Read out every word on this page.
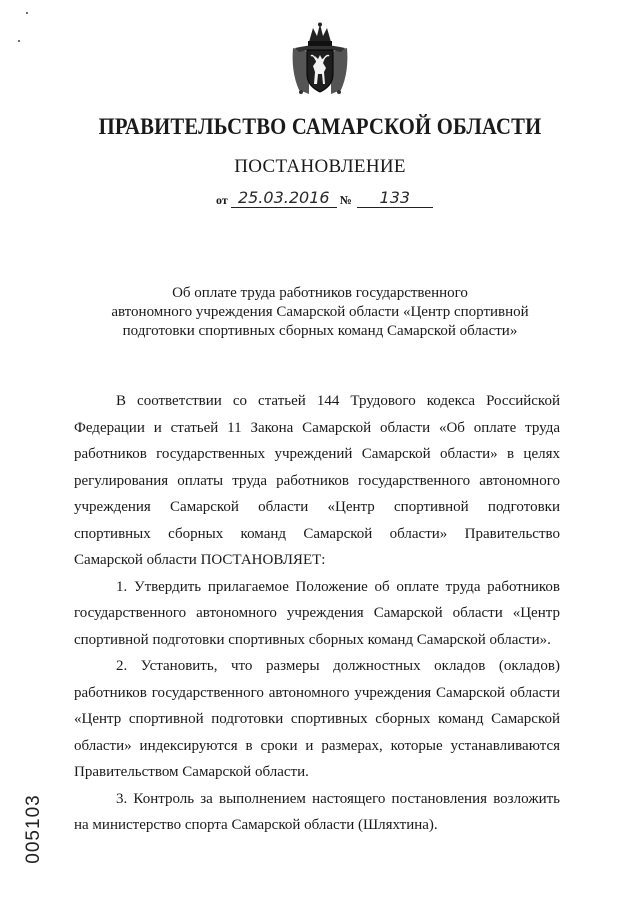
ПРАВИТЕЛЬСТВО САМАРСКОЙ ОБЛАСТИ
ПОСТАНОВЛЕНИЕ
от 25.03.2016 № 133
Об оплате труда работников государственного
автономного учреждения Самарской области «Центр спортивной
подготовки спортивных сборных команд Самарской области»

В соответствии со статьей 144 Трудового кодекса Российской Федерации и статьей 11 Закона Самарской области «Об оплате труда работников государственных учреждений Самарской области» в целях регулирования оплаты труда работников государственного автономного учреждения Самарской области «Центр спортивной подготовки спортивных сборных команд Самарской области» Правительство Самарской области ПОСТАНОВЛЯЕТ:

1. Утвердить прилагаемое Положение об оплате труда работников государственного автономного учреждения Самарской области «Центр спортивной подготовки спортивных сборных команд Самарской области».

2. Установить, что размеры должностных окладов (окладов) работников государственного автономного учреждения Самарской области «Центр спортивной подготовки спортивных сборных команд Самарской области» индексируются в сроки и размерах, которые устанавливаются Правительством Самарской области.

3. Контроль за выполнением настоящего постановления возложить на министерство спорта Самарской области (Шляхтина).

005103
